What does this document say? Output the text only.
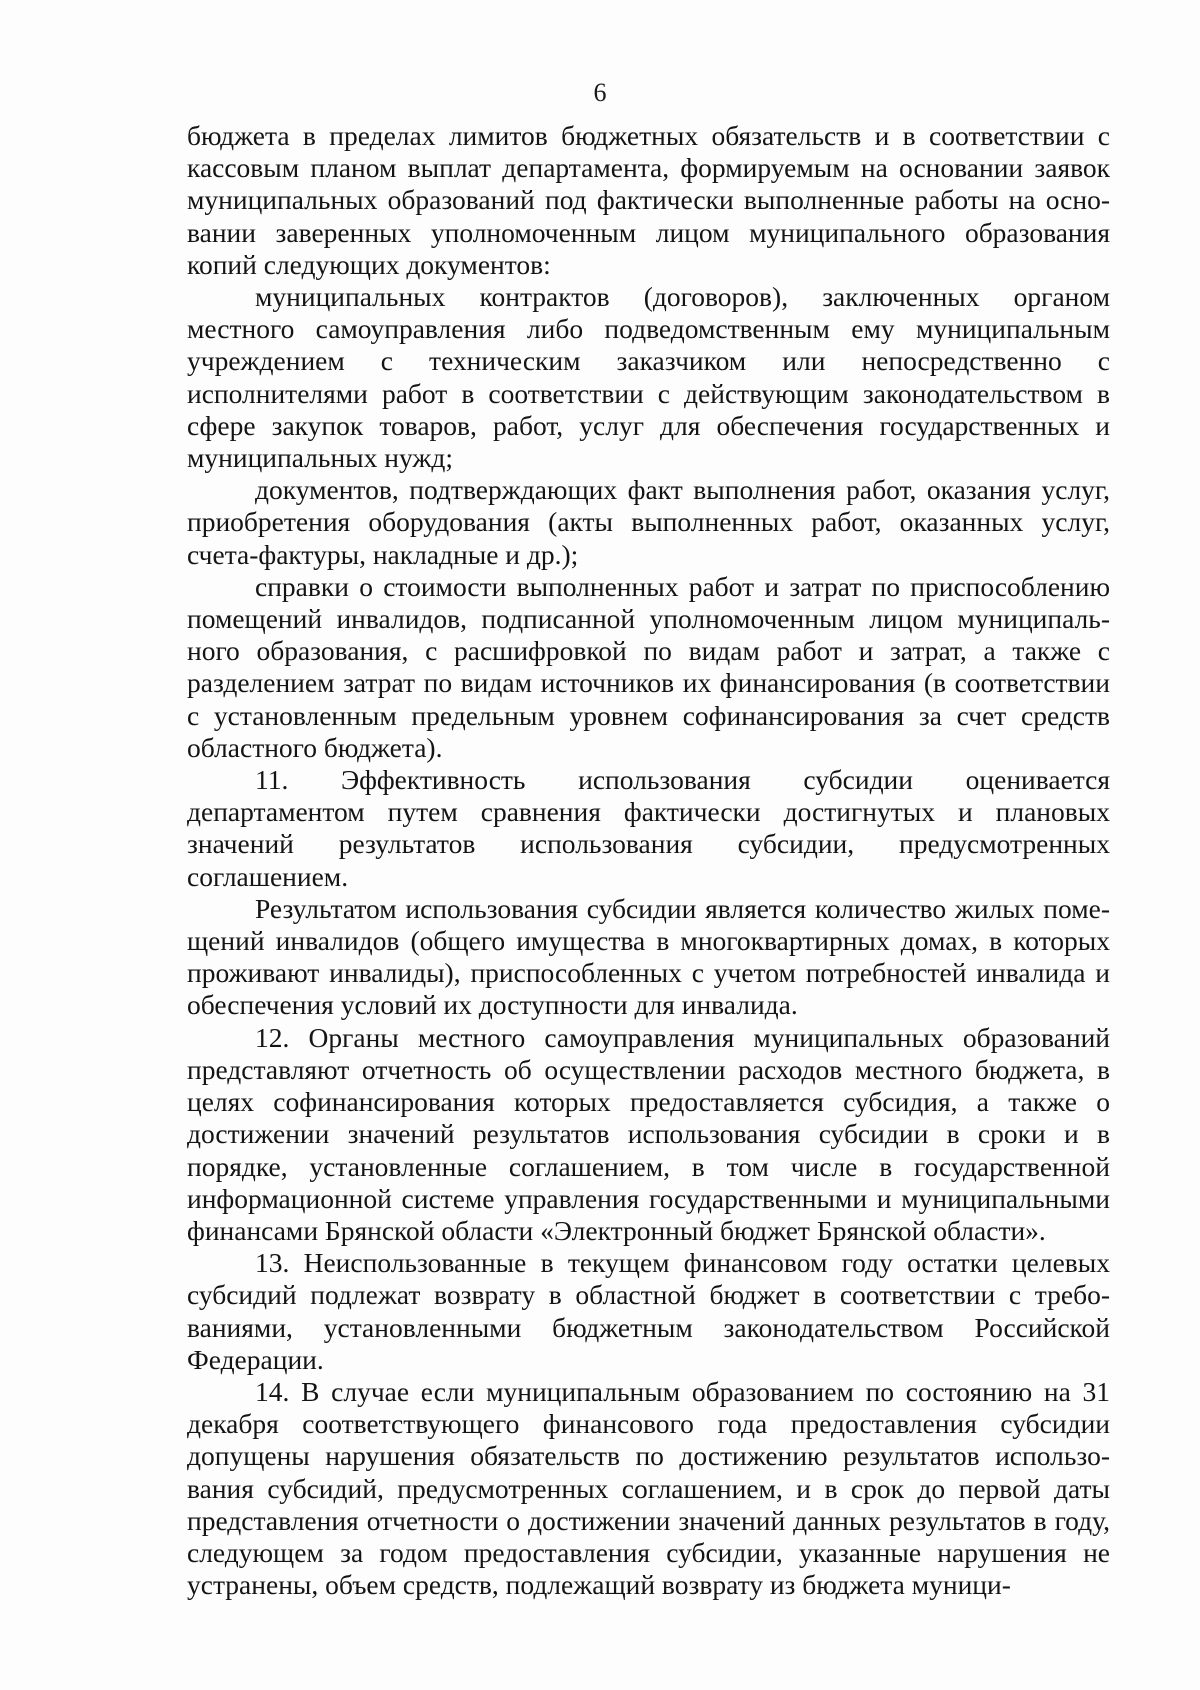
6

бюджета в пределах лимитов бюджетных обязательств и в соответствии с кассовым планом выплат департамента, формируемым на основании заявок муниципальных образований под фактически выполненные работы на основании заверенных уполномоченным лицом муниципального образования копий следующих документов:

муниципальных контрактов (договоров), заключенных органом местного самоуправления либо подведомственным ему муниципальным учреждением с техническим заказчиком или непосредственно с исполнителями работ в соответствии с действующим законодательством в сфере закупок товаров, работ, услуг для обеспечения государственных и муниципальных нужд;

документов, подтверждающих факт выполнения работ, оказания услуг, приобретения оборудования (акты выполненных работ, оказанных услуг, счета-фактуры, накладные и др.);

справки о стоимости выполненных работ и затрат по приспособлению помещений инвалидов, подписанной уполномоченным лицом муниципального образования, с расшифровкой по видам работ и затрат, а также с разделением затрат по видам источников их финансирования (в соответствии с установленным предельным уровнем софинансирования за счет средств областного бюджета).

11. Эффективность использования субсидии оценивается департаментом путем сравнения фактически достигнутых и плановых значений результатов использования субсидии, предусмотренных соглашением.

Результатом использования субсидии является количество жилых помещений инвалидов (общего имущества в многоквартирных домах, в которых проживают инвалиды), приспособленных с учетом потребностей инвалида и обеспечения условий их доступности для инвалида.

12. Органы местного самоуправления муниципальных образований представляют отчетность об осуществлении расходов местного бюджета, в целях софинансирования которых предоставляется субсидия, а также о достижении значений результатов использования субсидии в сроки и в порядке, установленные соглашением, в том числе в государственной информационной системе управления государственными и муниципальными финансами Брянской области «Электронный бюджет Брянской области».

13. Неиспользованные в текущем финансовом году остатки целевых субсидий подлежат возврату в областной бюджет в соответствии с требованиями, установленными бюджетным законодательством Российской Федерации.

14. В случае если муниципальным образованием по состоянию на 31 декабря соответствующего финансового года предоставления субсидии допущены нарушения обязательств по достижению результатов использования субсидий, предусмотренных соглашением, и в срок до первой даты представления отчетности о достижении значений данных результатов в году, следующем за годом предоставления субсидии, указанные нарушения не устранены, объем средств, подлежащий возврату из бюджета муници-
